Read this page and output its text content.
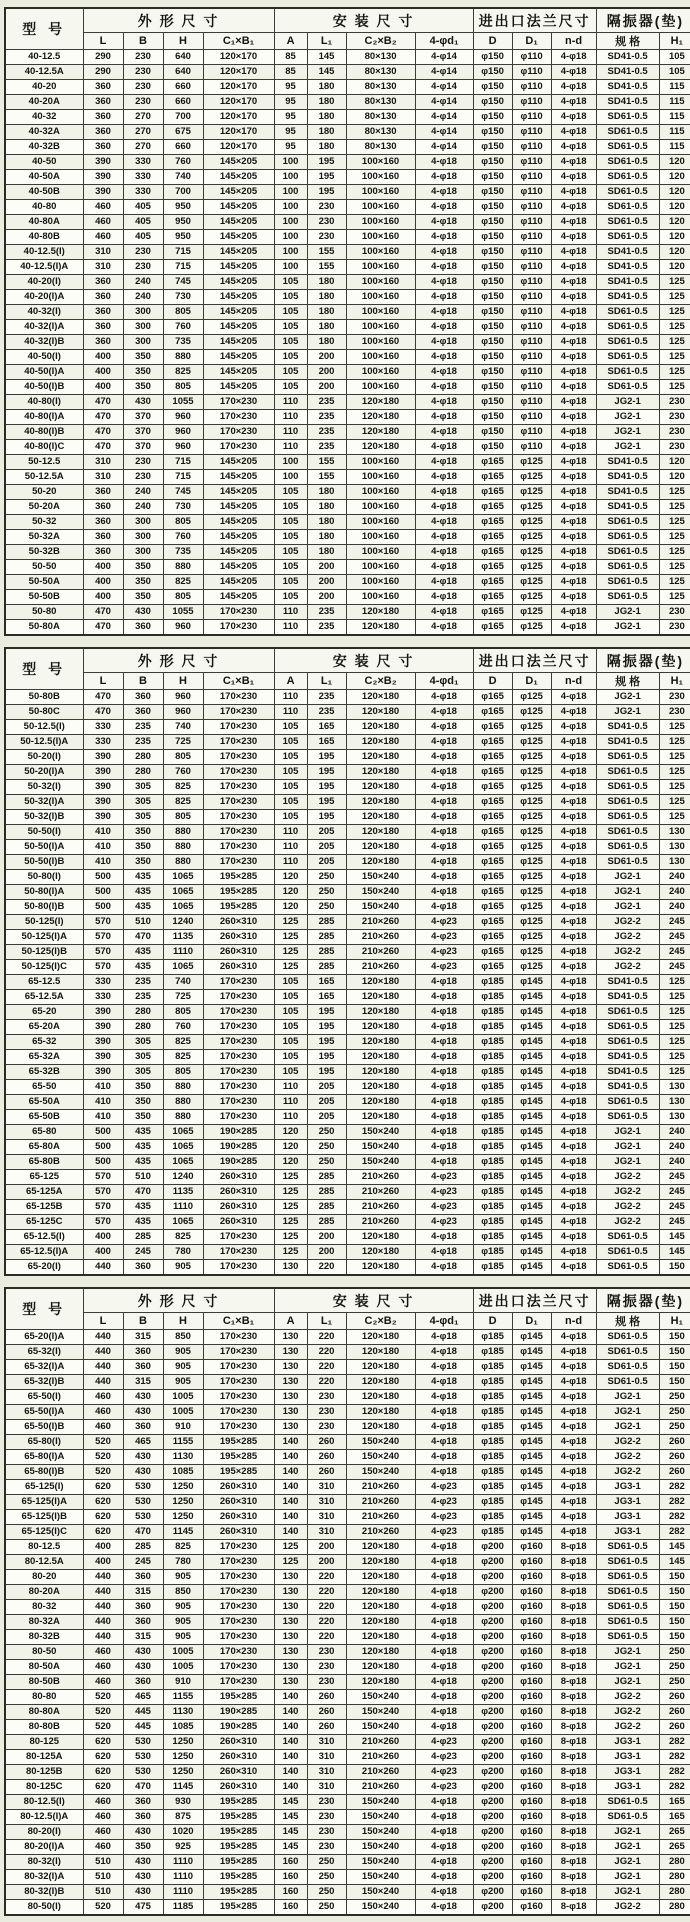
型 号	外 形 尺 寸				安 装 尺 寸				进出口法兰尺寸			隔振器(垫)	
	L	B	H	C₁×B₁	A	L₁	C₂×B₂	4-φd₁	D	D₁	n-d	规 格	H₁
40-12.5	290	230	640	120×170	85	145	80×130	4-φ14	φ150	φ110	4-φ18	SD41-0.5	105
40-12.5A	290	230	640	120×170	85	145	80×130	4-φ14	φ150	φ110	4-φ18	SD41-0.5	105
40-20	360	230	660	120×170	95	180	80×130	4-φ14	φ150	φ110	4-φ18	SD41-0.5	115
40-20A	360	230	660	120×170	95	180	80×130	4-φ14	φ150	φ110	4-φ18	SD41-0.5	115
40-32	360	270	700	120×170	95	180	80×130	4-φ14	φ150	φ110	4-φ18	SD61-0.5	115
40-32A	360	270	675	120×170	95	180	80×130	4-φ14	φ150	φ110	4-φ18	SD61-0.5	115
40-32B	360	270	660	120×170	95	180	80×130	4-φ14	φ150	φ110	4-φ18	SD61-0.5	115
40-50	390	330	760	145×205	100	195	100×160	4-φ18	φ150	φ110	4-φ18	SD61-0.5	120
40-50A	390	330	740	145×205	100	195	100×160	4-φ18	φ150	φ110	4-φ18	SD61-0.5	120
40-50B	390	330	700	145×205	100	195	100×160	4-φ18	φ150	φ110	4-φ18	SD61-0.5	120
40-80	460	405	950	145×205	100	230	100×160	4-φ18	φ150	φ110	4-φ18	SD61-0.5	120
40-80A	460	405	950	145×205	100	230	100×160	4-φ18	φ150	φ110	4-φ18	SD61-0.5	120
40-80B	460	405	950	145×205	100	230	100×160	4-φ18	φ150	φ110	4-φ18	SD61-0.5	120
40-12.5(I)	310	230	715	145×205	100	155	100×160	4-φ18	φ150	φ110	4-φ18	SD41-0.5	120
40-12.5(I)A	310	230	715	145×205	100	155	100×160	4-φ18	φ150	φ110	4-φ18	SD41-0.5	120
40-20(I)	360	240	745	145×205	105	180	100×160	4-φ18	φ150	φ110	4-φ18	SD41-0.5	125
40-20(I)A	360	240	730	145×205	105	180	100×160	4-φ18	φ150	φ110	4-φ18	SD41-0.5	125
40-32(I)	360	300	805	145×205	105	180	100×160	4-φ18	φ150	φ110	4-φ18	SD61-0.5	125
40-32(I)A	360	300	760	145×205	105	180	100×160	4-φ18	φ150	φ110	4-φ18	SD61-0.5	125
40-32(I)B	360	300	735	145×205	105	180	100×160	4-φ18	φ150	φ110	4-φ18	SD61-0.5	125
40-50(I)	400	350	880	145×205	105	200	100×160	4-φ18	φ150	φ110	4-φ18	SD61-0.5	125
40-50(I)A	400	350	825	145×205	105	200	100×160	4-φ18	φ150	φ110	4-φ18	SD61-0.5	125
40-50(I)B	400	350	805	145×205	105	200	100×160	4-φ18	φ150	φ110	4-φ18	SD61-0.5	125
40-80(I)	470	430	1055	170×230	110	235	120×180	4-φ18	φ150	φ110	4-φ18	JG2-1	230
40-80(I)A	470	370	960	170×230	110	235	120×180	4-φ18	φ150	φ110	4-φ18	JG2-1	230
40-80(I)B	470	370	960	170×230	110	235	120×180	4-φ18	φ150	φ110	4-φ18	JG2-1	230
40-80(I)C	470	370	960	170×230	110	235	120×180	4-φ18	φ150	φ110	4-φ18	JG2-1	230
50-12.5	310	230	715	145×205	100	155	100×160	4-φ18	φ165	φ125	4-φ18	SD41-0.5	120
50-12.5A	310	230	715	145×205	100	155	100×160	4-φ18	φ165	φ125	4-φ18	SD41-0.5	120
50-20	360	240	745	145×205	105	180	100×160	4-φ18	φ165	φ125	4-φ18	SD41-0.5	125
50-20A	360	240	730	145×205	105	180	100×160	4-φ18	φ165	φ125	4-φ18	SD41-0.5	125
50-32	360	300	805	145×205	105	180	100×160	4-φ18	φ165	φ125	4-φ18	SD61-0.5	125
50-32A	360	300	760	145×205	105	180	100×160	4-φ18	φ165	φ125	4-φ18	SD61-0.5	125
50-32B	360	300	735	145×205	105	180	100×160	4-φ18	φ165	φ125	4-φ18	SD61-0.5	125
50-50	400	350	880	145×205	105	200	100×160	4-φ18	φ165	φ125	4-φ18	SD61-0.5	125
50-50A	400	350	825	145×205	105	200	100×160	4-φ18	φ165	φ125	4-φ18	SD61-0.5	125
50-50B	400	350	805	145×205	105	200	100×160	4-φ18	φ165	φ125	4-φ18	SD61-0.5	125
50-80	470	430	1055	170×230	110	235	120×180	4-φ18	φ165	φ125	4-φ18	JG2-1	230
50-80A	470	360	960	170×230	110	235	120×180	4-φ18	φ165	φ125	4-φ18	JG2-1	230
型 号	外 形 尺 寸				安 装 尺 寸				进出口法兰尺寸			隔振器(垫)	
	L	B	H	C₁×B₁	A	L₁	C₂×B₂	4-φd₁	D	D₁	n-d	规 格	H₁
50-80B	470	360	960	170×230	110	235	120×180	4-φ18	φ165	φ125	4-φ18	JG2-1	230
50-80C	470	360	960	170×230	110	235	120×180	4-φ18	φ165	φ125	4-φ18	JG2-1	230
50-12.5(I)	330	235	740	170×230	105	165	120×180	4-φ18	φ165	φ125	4-φ18	SD41-0.5	125
50-12.5(I)A	330	235	725	170×230	105	165	120×180	4-φ18	φ165	φ125	4-φ18	SD41-0.5	125
50-20(I)	390	280	805	170×230	105	195	120×180	4-φ18	φ165	φ125	4-φ18	SD61-0.5	125
50-20(I)A	390	280	760	170×230	105	195	120×180	4-φ18	φ165	φ125	4-φ18	SD61-0.5	125
50-32(I)	390	305	825	170×230	105	195	120×180	4-φ18	φ165	φ125	4-φ18	SD61-0.5	125
50-32(I)A	390	305	825	170×230	105	195	120×180	4-φ18	φ165	φ125	4-φ18	SD61-0.5	125
50-32(I)B	390	305	805	170×230	105	195	120×180	4-φ18	φ165	φ125	4-φ18	SD61-0.5	125
50-50(I)	410	350	880	170×230	110	205	120×180	4-φ18	φ165	φ125	4-φ18	SD61-0.5	130
50-50(I)A	410	350	880	170×230	110	205	120×180	4-φ18	φ165	φ125	4-φ18	SD61-0.5	130
50-50(I)B	410	350	880	170×230	110	205	120×180	4-φ18	φ165	φ125	4-φ18	SD61-0.5	130
50-80(I)	500	435	1065	195×285	120	250	150×240	4-φ18	φ165	φ125	4-φ18	JG2-1	240
50-80(I)A	500	435	1065	195×285	120	250	150×240	4-φ18	φ165	φ125	4-φ18	JG2-1	240
50-80(I)B	500	435	1065	195×285	120	250	150×240	4-φ18	φ165	φ125	4-φ18	JG2-1	240
50-125(I)	570	510	1240	260×310	125	285	210×260	4-φ23	φ165	φ125	4-φ18	JG2-2	245
50-125(I)A	570	470	1135	260×310	125	285	210×260	4-φ23	φ165	φ125	4-φ18	JG2-2	245
50-125(I)B	570	435	1110	260×310	125	285	210×260	4-φ23	φ165	φ125	4-φ18	JG2-2	245
50-125(I)C	570	435	1065	260×310	125	285	210×260	4-φ23	φ165	φ125	4-φ18	JG2-2	245
65-12.5	330	235	740	170×230	105	165	120×180	4-φ18	φ185	φ145	4-φ18	SD41-0.5	125
65-12.5A	330	235	725	170×230	105	165	120×180	4-φ18	φ185	φ145	4-φ18	SD41-0.5	125
65-20	390	280	805	170×230	105	195	120×180	4-φ18	φ185	φ145	4-φ18	SD61-0.5	125
65-20A	390	280	760	170×230	105	195	120×180	4-φ18	φ185	φ145	4-φ18	SD61-0.5	125
65-32	390	305	825	170×230	105	195	120×180	4-φ18	φ185	φ145	4-φ18	SD61-0.5	125
65-32A	390	305	825	170×230	105	195	120×180	4-φ18	φ185	φ145	4-φ18	SD41-0.5	125
65-32B	390	305	805	170×230	105	195	120×180	4-φ18	φ185	φ145	4-φ18	SD41-0.5	125
65-50	410	350	880	170×230	110	205	120×180	4-φ18	φ185	φ145	4-φ18	SD41-0.5	130
65-50A	410	350	880	170×230	110	205	120×180	4-φ18	φ185	φ145	4-φ18	SD61-0.5	130
65-50B	410	350	880	170×230	110	205	120×180	4-φ18	φ185	φ145	4-φ18	SD61-0.5	130
65-80	500	435	1065	190×285	120	250	150×240	4-φ18	φ185	φ145	4-φ18	JG2-1	240
65-80A	500	435	1065	190×285	120	250	150×240	4-φ18	φ185	φ145	4-φ18	JG2-1	240
65-80B	500	435	1065	190×285	120	250	150×240	4-φ18	φ185	φ145	4-φ18	JG2-1	240
65-125	570	510	1240	260×310	125	285	210×260	4-φ23	φ185	φ145	4-φ18	JG2-2	245
65-125A	570	470	1135	260×310	125	285	210×260	4-φ23	φ185	φ145	4-φ18	JG2-2	245
65-125B	570	435	1110	260×310	125	285	210×260	4-φ23	φ185	φ145	4-φ18	JG2-2	245
65-125C	570	435	1065	260×310	125	285	210×260	4-φ23	φ185	φ145	4-φ18	JG2-2	245
65-12.5(I)	400	285	825	170×230	125	200	120×180	4-φ18	φ185	φ145	4-φ18	SD61-0.5	145
65-12.5(I)A	400	245	780	170×230	125	200	120×180	4-φ18	φ185	φ145	4-φ18	SD61-0.5	145
65-20(I)	440	360	905	170×230	130	220	120×180	4-φ18	φ185	φ145	4-φ18	SD61-0.5	150
型 号	外 形 尺 寸				安 装 尺 寸				进出口法兰尺寸			隔振器(垫)	
	L	B	H	C₁×B₁	A	L₁	C₂×B₂	4-φd₁	D	D₁	n-d	规 格	H₁
65-20(I)A	440	315	850	170×230	130	220	120×180	4-φ18	φ185	φ145	4-φ18	SD61-0.5	150
65-32(I)	440	360	905	170×230	130	220	120×180	4-φ18	φ185	φ145	4-φ18	SD61-0.5	150
65-32(I)A	440	360	905	170×230	130	220	120×180	4-φ18	φ185	φ145	4-φ18	SD61-0.5	150
65-32(I)B	440	315	905	170×230	130	220	120×180	4-φ18	φ185	φ145	4-φ18	SD61-0.5	150
65-50(I)	460	430	1005	170×230	130	230	120×180	4-φ18	φ185	φ145	4-φ18	JG2-1	250
65-50(I)A	460	430	1005	170×230	130	230	120×180	4-φ18	φ185	φ145	4-φ18	JG2-1	250
65-50(I)B	460	360	910	170×230	130	230	120×180	4-φ18	φ185	φ145	4-φ18	JG2-1	250
65-80(I)	520	465	1155	195×285	140	260	150×240	4-φ18	φ185	φ145	4-φ18	JG2-2	260
65-80(I)A	520	430	1130	195×285	140	260	150×240	4-φ18	φ185	φ145	4-φ18	JG2-2	260
65-80(I)B	520	430	1085	195×285	140	260	150×240	4-φ18	φ185	φ145	4-φ18	JG2-2	260
65-125(I)	620	530	1250	260×310	140	310	210×260	4-φ23	φ185	φ145	4-φ18	JG3-1	282
65-125(I)A	620	530	1250	260×310	140	310	210×260	4-φ23	φ185	φ145	4-φ18	JG3-1	282
65-125(I)B	620	530	1250	260×310	140	310	210×260	4-φ23	φ185	φ145	4-φ18	JG3-1	282
65-125(I)C	620	470	1145	260×310	140	310	210×260	4-φ23	φ185	φ145	4-φ18	JG3-1	282
80-12.5	400	285	825	170×230	125	200	120×180	4-φ18	φ200	φ160	8-φ18	SD61-0.5	145
80-12.5A	400	245	780	170×230	125	200	120×180	4-φ18	φ200	φ160	8-φ18	SD61-0.5	145
80-20	440	360	905	170×230	130	220	120×180	4-φ18	φ200	φ160	8-φ18	SD61-0.5	150
80-20A	440	315	850	170×230	130	220	120×180	4-φ18	φ200	φ160	8-φ18	SD61-0.5	150
80-32	440	360	905	170×230	130	220	120×180	4-φ18	φ200	φ160	8-φ18	SD61-0.5	150
80-32A	440	360	905	170×230	130	220	120×180	4-φ18	φ200	φ160	8-φ18	SD61-0.5	150
80-32B	440	315	905	170×230	130	220	120×180	4-φ18	φ200	φ160	8-φ18	SD61-0.5	150
80-50	460	430	1005	170×230	130	230	120×180	4-φ18	φ200	φ160	8-φ18	JG2-1	250
80-50A	460	430	1005	170×230	130	230	120×180	4-φ18	φ200	φ160	8-φ18	JG2-1	250
80-50B	460	360	910	170×230	130	230	120×180	4-φ18	φ200	φ160	8-φ18	JG2-1	250
80-80	520	465	1155	195×285	140	260	150×240	4-φ18	φ200	φ160	8-φ18	JG2-2	260
80-80A	520	445	1130	190×285	140	260	150×240	4-φ18	φ200	φ160	8-φ18	JG2-2	260
80-80B	520	445	1085	190×285	140	260	150×240	4-φ18	φ200	φ160	8-φ18	JG2-2	260
80-125	620	530	1250	260×310	140	310	210×260	4-φ23	φ200	φ160	8-φ18	JG3-1	282
80-125A	620	530	1250	260×310	140	310	210×260	4-φ23	φ200	φ160	8-φ18	JG3-1	282
80-125B	620	530	1250	260×310	140	310	210×260	4-φ23	φ200	φ160	8-φ18	JG3-1	282
80-125C	620	470	1145	260×310	140	310	210×260	4-φ23	φ200	φ160	8-φ18	JG3-1	282
80-12.5(I)	460	360	930	195×285	145	230	150×240	4-φ18	φ200	φ160	8-φ18	SD61-0.5	165
80-12.5(I)A	460	360	875	195×285	145	230	150×240	4-φ18	φ200	φ160	8-φ18	SD61-0.5	165
80-20(I)	460	430	1020	195×285	145	230	150×240	4-φ18	φ200	φ160	8-φ18	JG2-1	265
80-20(I)A	460	350	925	195×285	145	230	150×240	4-φ18	φ200	φ160	8-φ18	JG2-1	265
80-32(I)	510	430	1110	195×285	160	250	150×240	4-φ18	φ200	φ160	8-φ18	JG2-1	280
80-32(I)A	510	430	1110	195×285	160	250	150×240	4-φ18	φ200	φ160	8-φ18	JG2-1	280
80-32(I)B	510	430	1110	195×285	160	250	150×240	4-φ18	φ200	φ160	8-φ18	JG2-1	280
80-50(I)	520	475	1185	195×285	160	250	150×240	4-φ18	φ200	φ160	8-φ18	JG2-2	280
